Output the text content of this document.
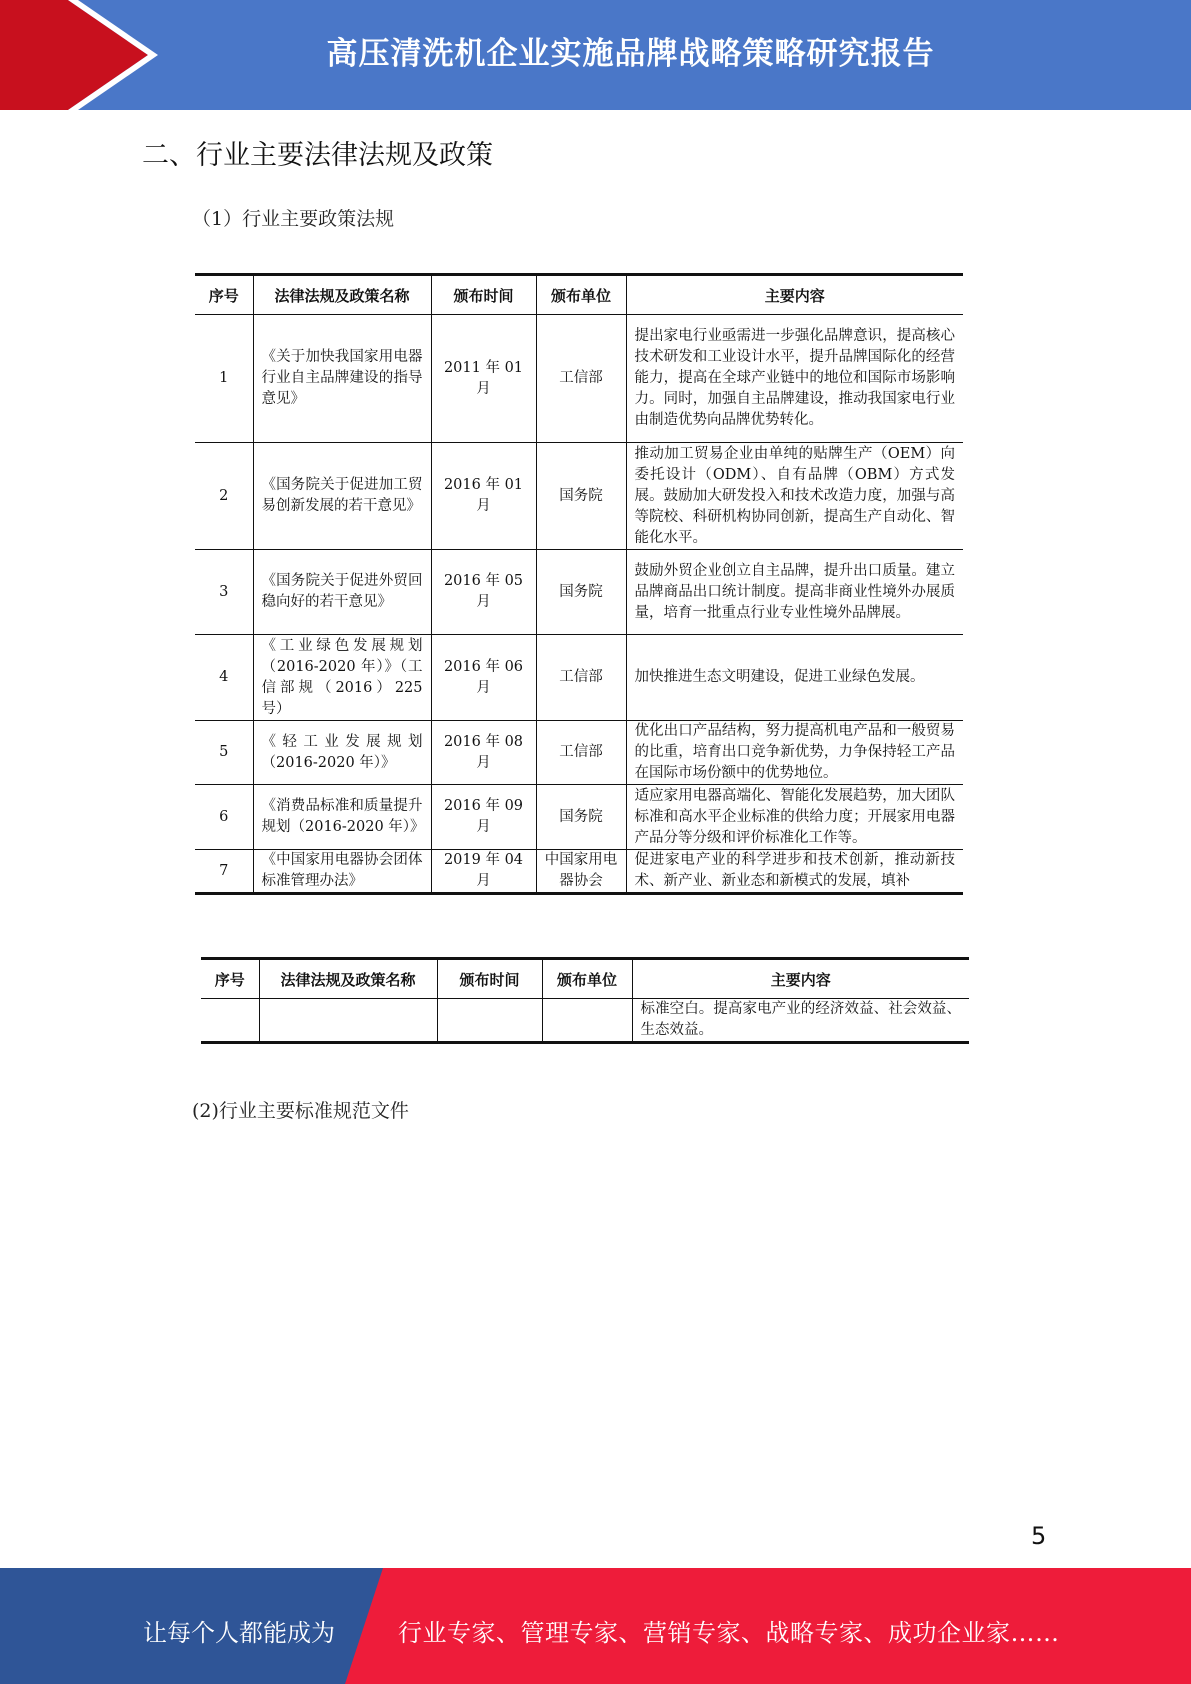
高压清洗机企业实施品牌战略策略研究报告
二、行业主要法律法规及政策
（1）行业主要政策法规
序号	法律法规及政策名称	颁布时间	颁布单位	主要内容
1	《关于加快我国家用电器行业自主品牌建设的指导意见》	2011 年 01 月	工信部	提出家电行业亟需进一步强化品牌意识，提高核心技术研发和工业设计水平，提升品牌国际化的经营能力，提高在全球产业链中的地位和国际市场影响力。同时，加强自主品牌建设，推动我国家电行业由制造优势向品牌优势转化。
2	《国务院关于促进加工贸易创新发展的若干意见》	2016 年 01 月	国务院	推动加工贸易企业由单纯的贴牌生产（OEM）向委托设计（ODM）、自有品牌（OBM）方式发展。鼓励加大研发投入和技术改造力度，加强与高等院校、科研机构协同创新，提高生产自动化、智能化水平。
3	《国务院关于促进外贸回稳向好的若干意见》	2016 年 05 月	国务院	鼓励外贸企业创立自主品牌，提升出口质量。建立品牌商品出口统计制度。提高非商业性境外办展质量，培育一批重点行业专业性境外品牌展。
4	《工业绿色发展规划（2016-2020 年）》（工信部规（2016）225 号）	2016 年 06 月	工信部	加快推进生态文明建设，促进工业绿色发展。
5	《轻工业发展规划（2016-2020 年）》	2016 年 08 月	工信部	优化出口产品结构，努力提高机电产品和一般贸易的比重，培育出口竞争新优势，力争保持轻工产品在国际市场份额中的优势地位。
6	《消费品标准和质量提升规划（2016-2020 年）》	2016 年 09 月	国务院	适应家用电器高端化、智能化发展趋势，加大团队标准和高水平企业标准的供给力度；开展家用电器产品分等分级和评价标准化工作等。
7	《中国家用电器协会团体标准管理办法》	2019 年 04 月	中国家用电器协会	促进家电产业的科学进步和技术创新，推动新技术、新产业、新业态和新模式的发展，填补
序号	法律法规及政策名称	颁布时间	颁布单位	主要内容
				标准空白。提高家电产业的经济效益、社会效益、生态效益。
(2)行业主要标准规范文件
5
让每个人都能成为	行业专家、管理专家、营销专家、战略专家、成功企业家……
